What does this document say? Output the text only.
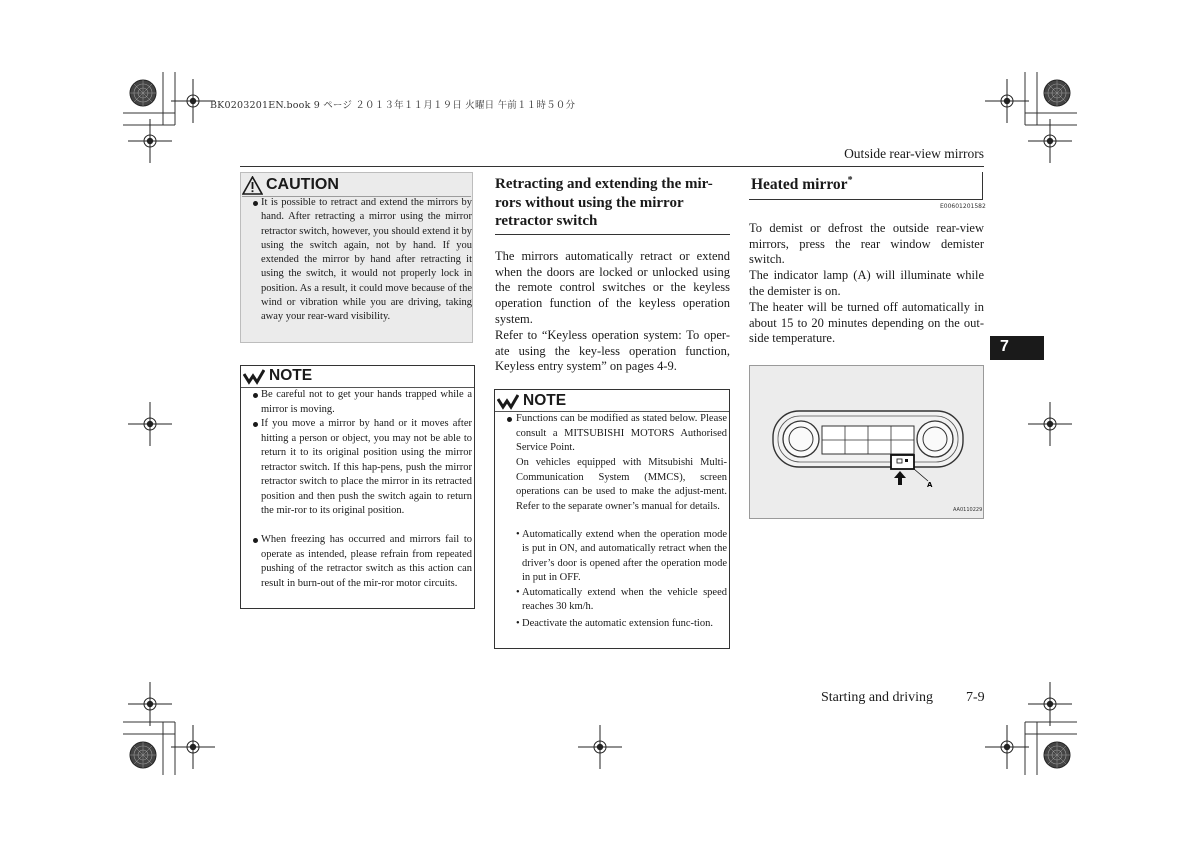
BK0203201EN.book 9 ページ ２０１３年１１月１９日 火曜日 午前１１時５０分
Outside rear-view mirrors
CAUTION
It is possible to retract and extend the mirrors by hand. After retracting a mirror using the mirror retractor switch, however, you should extend it by using the switch again, not by hand. If you extended the mirror by hand after retracting it using the switch, it would not properly lock in position. As a result, it could move because of the wind or vibration while you are driving, taking away your rear-ward visibility.
NOTE
Be careful not to get your hands trapped while a mirror is moving.
If you move a mirror by hand or it moves after hitting a person or object, you may not be able to return it to its original position using the mirror retractor switch. If this hap-pens, push the mirror retractor switch to place the mirror in its retracted position and then push the switch again to return the mir-ror to its original position.
When freezing has occurred and mirrors fail to operate as intended, please refrain from repeated pushing of the retractor switch as this action can result in burn-out of the mir-ror motor circuits.
Retracting and extending the mir-rors without using the mirror retractor switch
The mirrors automatically retract or extend when the doors are locked or unlocked using the remote control switches or the keyless operation function of the keyless operation system.
Refer to “Keyless operation system: To oper-ate using the key-less operation function, Keyless entry system” on pages 4-9.
NOTE
Functions can be modified as stated below. Please consult a MITSUBISHI MOTORS Authorised Service Point.
On vehicles equipped with Mitsubishi Multi-Communication System (MMCS), screen operations can be used to make the adjust-ment. Refer to the separate owner’s manual for details.
• Automatically extend when the operation mode is put in ON, and automatically retract when the driver’s door is opened after the operation mode in put in OFF.
• Automatically extend when the vehicle speed reaches 30 km/h.
• Deactivate the automatic extension func-tion.
Heated mirror*
E00601201582
To demist or defrost the outside rear-view mirrors, press the rear window demister switch.
The indicator lamp (A) will illuminate while the demister is on.
The heater will be turned off automatically in about 15 to 20 minutes depending on the out-side temperature.
A
AA0110229
7
Starting and driving 7-9
